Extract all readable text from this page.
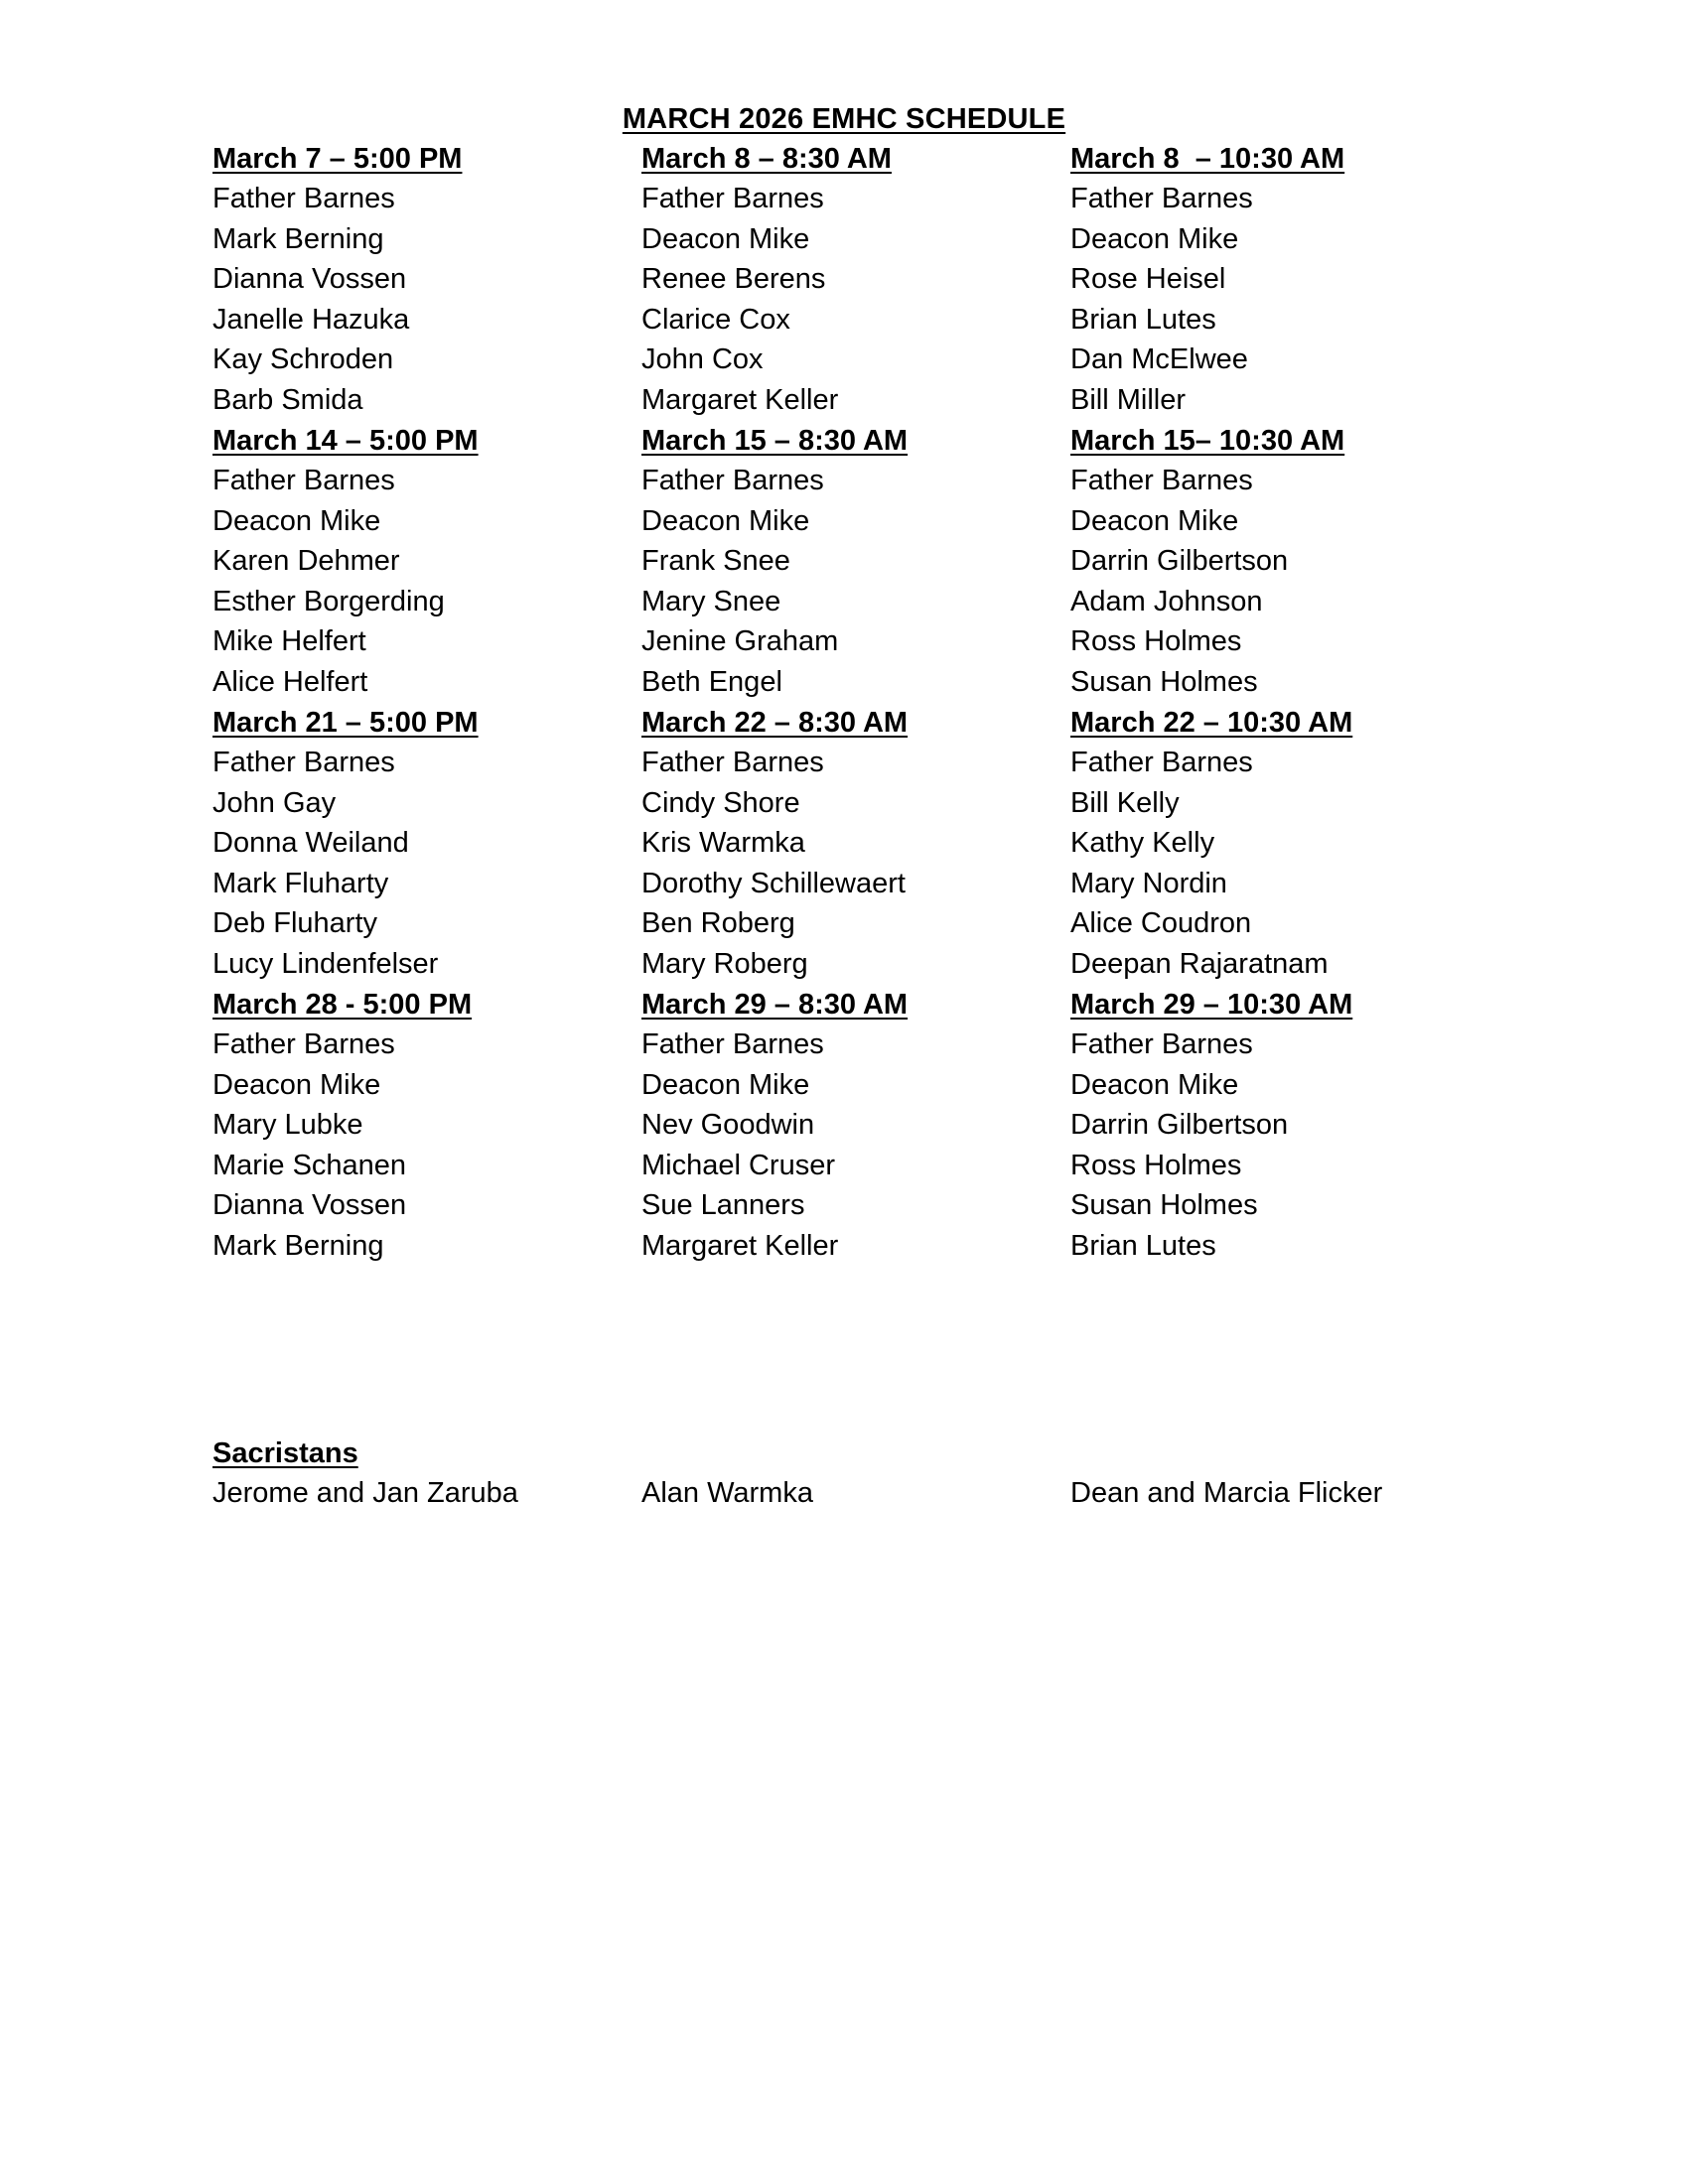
MARCH 2026 EMHC SCHEDULE
March 7 – 5:00 PM
Father Barnes
Mark Berning
Dianna Vossen
Janelle Hazuka
Kay Schroden
Barb Smida
March 8 – 8:30 AM
Father Barnes
Deacon Mike
Renee Berens
Clarice Cox
John Cox
Margaret Keller
March 8  – 10:30 AM
Father Barnes
Deacon Mike
Rose Heisel
Brian Lutes
Dan McElwee
Bill Miller
March 14 – 5:00 PM
Father Barnes
Deacon Mike
Karen Dehmer
Esther Borgerding
Mike Helfert
Alice Helfert
March 15 – 8:30 AM
Father Barnes
Deacon Mike
Frank Snee
Mary Snee
Jenine Graham
Beth Engel
March 15– 10:30 AM
Father Barnes
Deacon Mike
Darrin Gilbertson
Adam Johnson
Ross Holmes
Susan Holmes
March 21 – 5:00 PM
Father Barnes
John Gay
Donna Weiland
Mark Fluharty
Deb Fluharty
Lucy Lindenfelser
March 22 – 8:30 AM
Father Barnes
Cindy Shore
Kris Warmka
Dorothy Schillewaert
Ben Roberg
Mary Roberg
March 22 – 10:30 AM
Father Barnes
Bill Kelly
Kathy Kelly
Mary Nordin
Alice Coudron
Deepan Rajaratnam
March 28 - 5:00 PM
Father Barnes
Deacon Mike
Mary Lubke
Marie Schanen
Dianna Vossen
Mark Berning
March 29 – 8:30 AM
Father Barnes
Deacon Mike
Nev Goodwin
Michael Cruser
Sue Lanners
Margaret Keller
March 29 – 10:30 AM
Father Barnes
Deacon Mike
Darrin Gilbertson
Ross Holmes
Susan Holmes
Brian Lutes
Sacristans
Jerome and Jan Zaruba	Alan Warmka	Dean and Marcia Flicker
